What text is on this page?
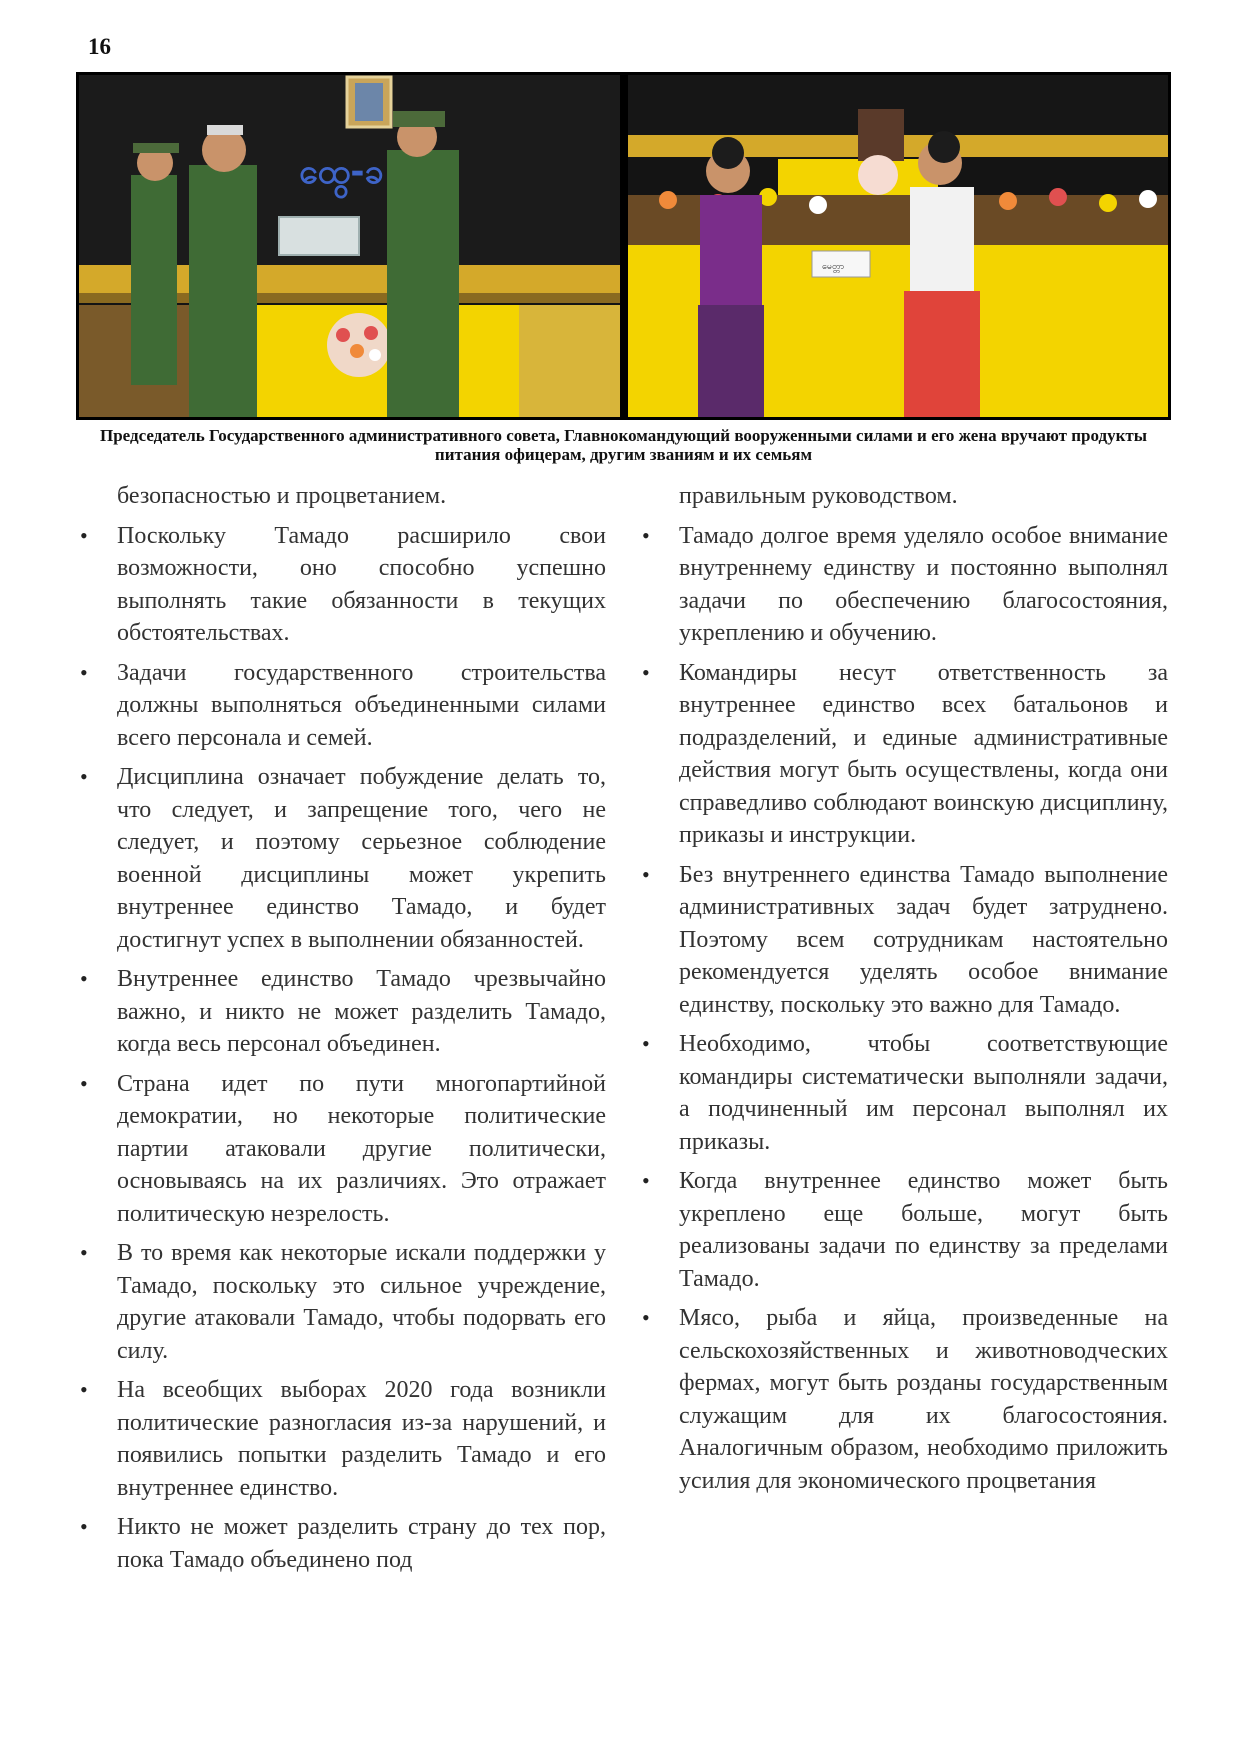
16
ထွေ-ခ
မေတ္တာ
Председатель Государственного административного совета, Главнокомандующий вооруженными силами и его жена вручают продукты питания офицерам, другим званиям и их семьям

безопасностью и процветанием.

• Поскольку Тамадо расширило свои возможности, оно способно успешно выполнять такие обязанности в текущих обстоятельствах.
• Задачи государственного строительства должны выполняться объединенными силами всего персонала и семей.
• Дисциплина означает побуждение делать то, что следует, и запрещение того, чего не следует, и поэтому серьезное соблюдение военной дисциплины может укрепить внутреннее единство Тамадо, и будет достигнут успех в выполнении обязанностей.
• Внутреннее единство Тамадо чрезвычайно важно, и никто не может разделить Тамадо, когда весь персонал объединен.
• Страна идет по пути многопартийной демократии, но некоторые политические партии атаковали другие политически, основываясь на их различиях. Это отражает политическую незрелость.
• В то время как некоторые искали поддержки у Тамадо, поскольку это сильное учреждение, другие атаковали Тамадо, чтобы подорвать его силу.
• На всеобщих выборах 2020 года возникли политические разногласия из-за нарушений, и появились попытки разделить Тамадо и его внутреннее единство.
• Никто не может разделить страну до тех пор, пока Тамадо объединено под

правильным руководством.

• Тамадо долгое время уделяло особое внимание внутреннему единству и постоянно выполнял задачи по обеспечению благосостояния, укреплению и обучению.
• Командиры несут ответственность за внутреннее единство всех батальонов и подразделений, и единые административные действия могут быть осуществлены, когда они справедливо соблюдают воинскую дисциплину, приказы и инструкции.
• Без внутреннего единства Тамадо выполнение административных задач будет затруднено. Поэтому всем сотрудникам настоятельно рекомендуется уделять особое внимание единству, поскольку это важно для Тамадо.
• Необходимо, чтобы соответствующие командиры систематически выполняли задачи, а подчиненный им персонал выполнял их приказы.
• Когда внутреннее единство может быть укреплено еще больше, могут быть реализованы задачи по единству за пределами Тамадо.
• Мясо, рыба и яйца, произведенные на сельскохозяйственных и животноводческих фермах, могут быть розданы государственным служащим для их благосостояния. Аналогичным образом, необходимо приложить усилия для экономического процветания
